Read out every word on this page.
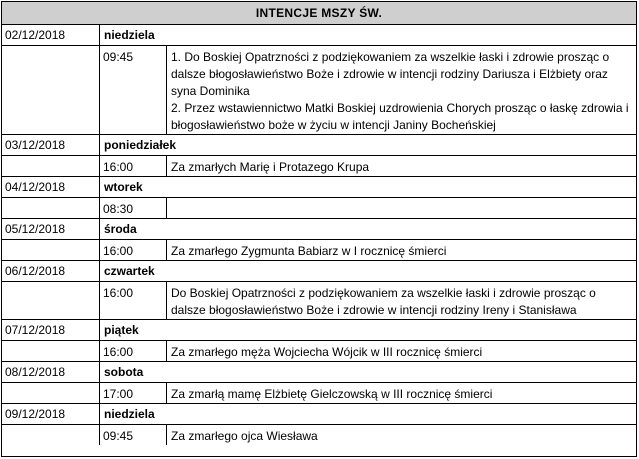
INTENCJE MSZY ŚW.
02/12/2018	niedziela
09:45	1. Do Boskiej Opatrzności z podziękowaniem za wszelkie łaski i zdrowie prosząc o dalsze błogosławieństwo Boże i zdrowie w intencji rodziny Dariusza i Elżbiety oraz syna Dominika

2. Przez wstawiennictwo Matki Boskiej uzdrowienia Chorych prosząc o łaskę zdrowia i błogosławieństwo boże w życiu w intencji Janiny Bocheńskiej

03/12/2018	poniedziałek
16:00	Za zmarłych Marię i Protazego Krupa

04/12/2018	wtorek
08:30

05/12/2018	środa
16:00	Za zmarłego Zygmunta Babiarz w I rocznicę śmierci

06/12/2018	czwartek
16:00	Do Boskiej Opatrzności z podziękowaniem za wszelkie łaski i zdrowie prosząc o dalsze błogosławieństwo Boże i zdrowie w intencji rodziny Ireny i Stanisława

07/12/2018	piątek
16:00	Za zmarłego męża Wojciecha Wójcik w III rocznicę śmierci

08/12/2018	sobota
17:00	Za zmarłą mamę Elżbietę Gielczowską w III rocznicę śmierci

09/12/2018	niedziela
09:45	Za zmarłego ojca Wiesława
